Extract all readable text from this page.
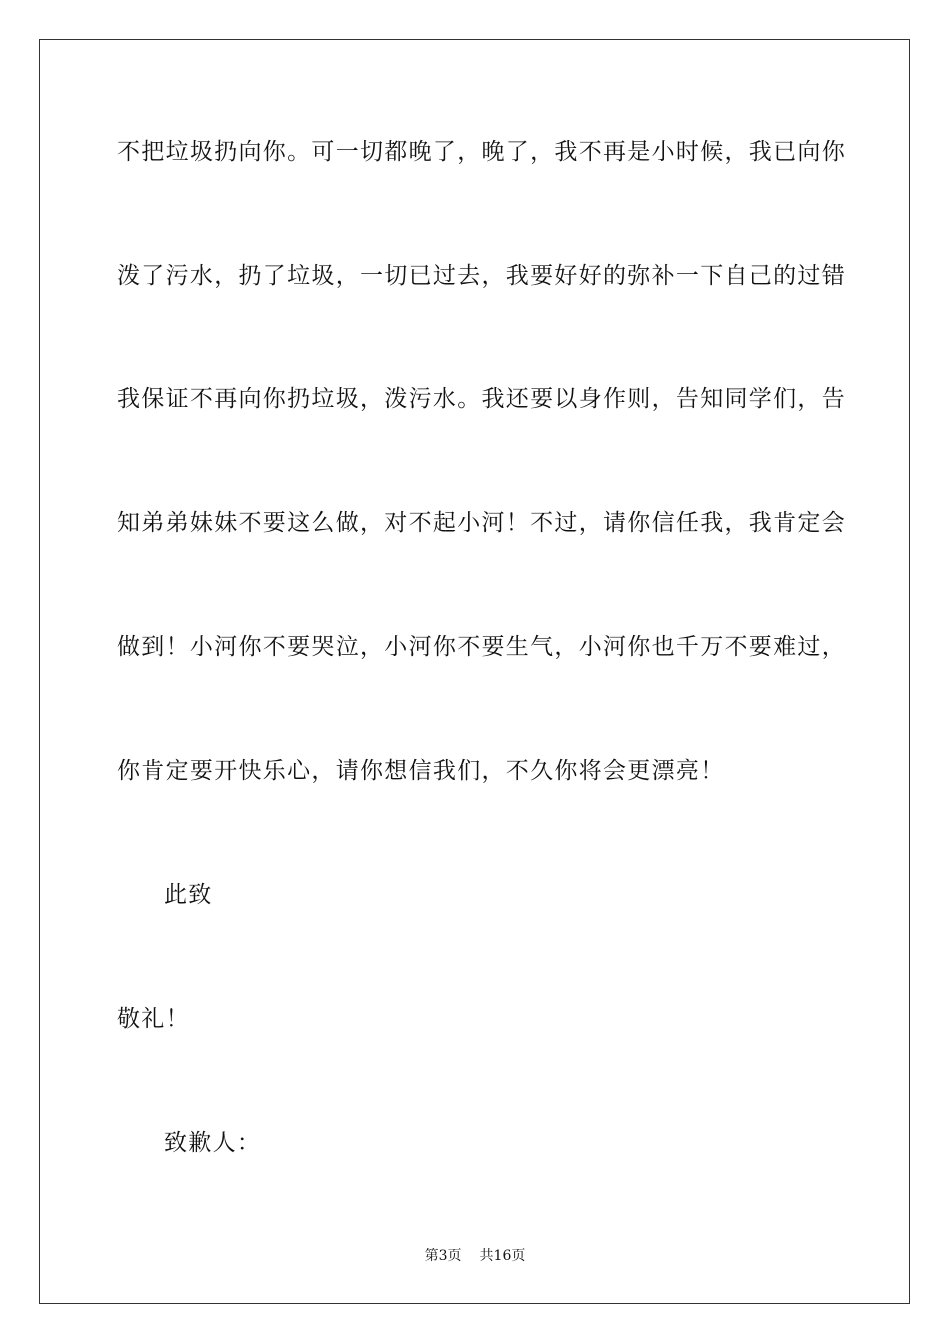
不把垃圾扔向你。可一切都晚了，晚了，我不再是小时候，我已向你
泼了污水，扔了垃圾，一切已过去，我要好好的弥补一下自己的过错
我保证不再向你扔垃圾，泼污水。我还要以身作则，告知同学们，告
知弟弟妹妹不要这么做，对不起小河！不过，请你信任我，我肯定会
做到！小河你不要哭泣，小河你不要生气，小河你也千万不要难过，
你肯定要开快乐心，请你想信我们，不久你将会更漂亮！
此致
敬礼！
致歉人：
第3页 共16页
